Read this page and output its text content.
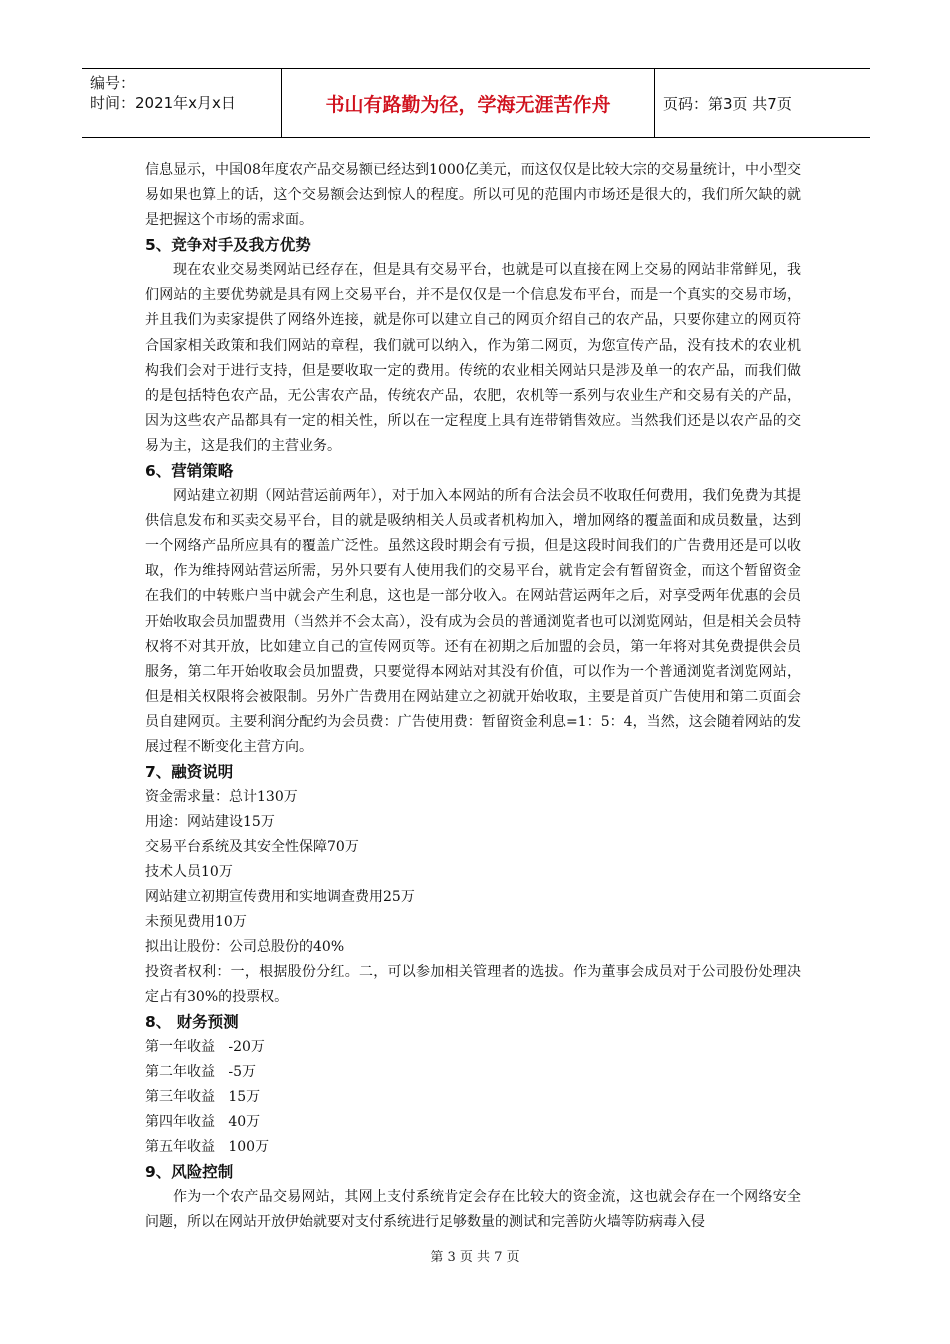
编号：
时间：2021年x月x日	书山有路勤为径，学海无涯苦作舟	页码：第3页 共7页

信息显示，中国08年度农产品交易额已经达到1000亿美元，而这仅仅是比较大宗的交易量统计，中小型交易如果也算上的话，这个交易额会达到惊人的程度。所以可见的范围内市场还是很大的，我们所欠缺的就是把握这个市场的需求面。

5、竞争对手及我方优势

现在农业交易类网站已经存在，但是具有交易平台，也就是可以直接在网上交易的网站非常鲜见，我们网站的主要优势就是具有网上交易平台，并不是仅仅是一个信息发布平台，而是一个真实的交易市场，并且我们为卖家提供了网络外连接，就是你可以建立自己的网页介绍自己的农产品，只要你建立的网页符合国家相关政策和我们网站的章程，我们就可以纳入，作为第二网页，为您宣传产品，没有技术的农业机构我们会对于进行支持，但是要收取一定的费用。传统的农业相关网站只是涉及单一的农产品，而我们做的是包括特色农产品，无公害农产品，传统农产品，农肥，农机等一系列与农业生产和交易有关的产品，因为这些农产品都具有一定的相关性，所以在一定程度上具有连带销售效应。当然我们还是以农产品的交易为主，这是我们的主营业务。

6、营销策略

网站建立初期（网站营运前两年），对于加入本网站的所有合法会员不收取任何费用，我们免费为其提供信息发布和买卖交易平台，目的就是吸纳相关人员或者机构加入，增加网络的覆盖面和成员数量，达到一个网络产品所应具有的覆盖广泛性。虽然这段时期会有亏损，但是这段时间我们的广告费用还是可以收取，作为维持网站营运所需，另外只要有人使用我们的交易平台，就肯定会有暂留资金，而这个暂留资金在我们的中转账户当中就会产生利息，这也是一部分收入。在网站营运两年之后，对享受两年优惠的会员开始收取会员加盟费用（当然并不会太高），没有成为会员的普通浏览者也可以浏览网站，但是相关会员特权将不对其开放，比如建立自己的宣传网页等。还有在初期之后加盟的会员，第一年将对其免费提供会员服务，第二年开始收取会员加盟费，只要觉得本网站对其没有价值，可以作为一个普通浏览者浏览网站，但是相关权限将会被限制。另外广告费用在网站建立之初就开始收取，主要是首页广告使用和第二页面会员自建网页。主要利润分配约为会员费：广告使用费：暂留资金利息=1：5：4，当然，这会随着网站的发展过程不断变化主营方向。

7、融资说明
资金需求量：总计130万
用途：网站建设15万
交易平台系统及其安全性保障70万
技术人员10万
网站建立初期宣传费用和实地调查费用25万
未预见费用10万
拟出让股份：公司总股份的40%

投资者权利：一，根据股份分红。二，可以参加相关管理者的选拔。作为董事会成员对于公司股份处理决定占有30%的投票权。

8、 财务预测
第一年收益 -20万
第二年收益 -5万
第三年收益 15万
第四年收益 40万
第五年收益 100万
9、风险控制

作为一个农产品交易网站，其网上支付系统肯定会存在比较大的资金流，这也就会存在一个网络安全问题，所以在网站开放伊始就要对支付系统进行足够数量的测试和完善防火墙等防病毒入侵

第 3 页 共 7 页
